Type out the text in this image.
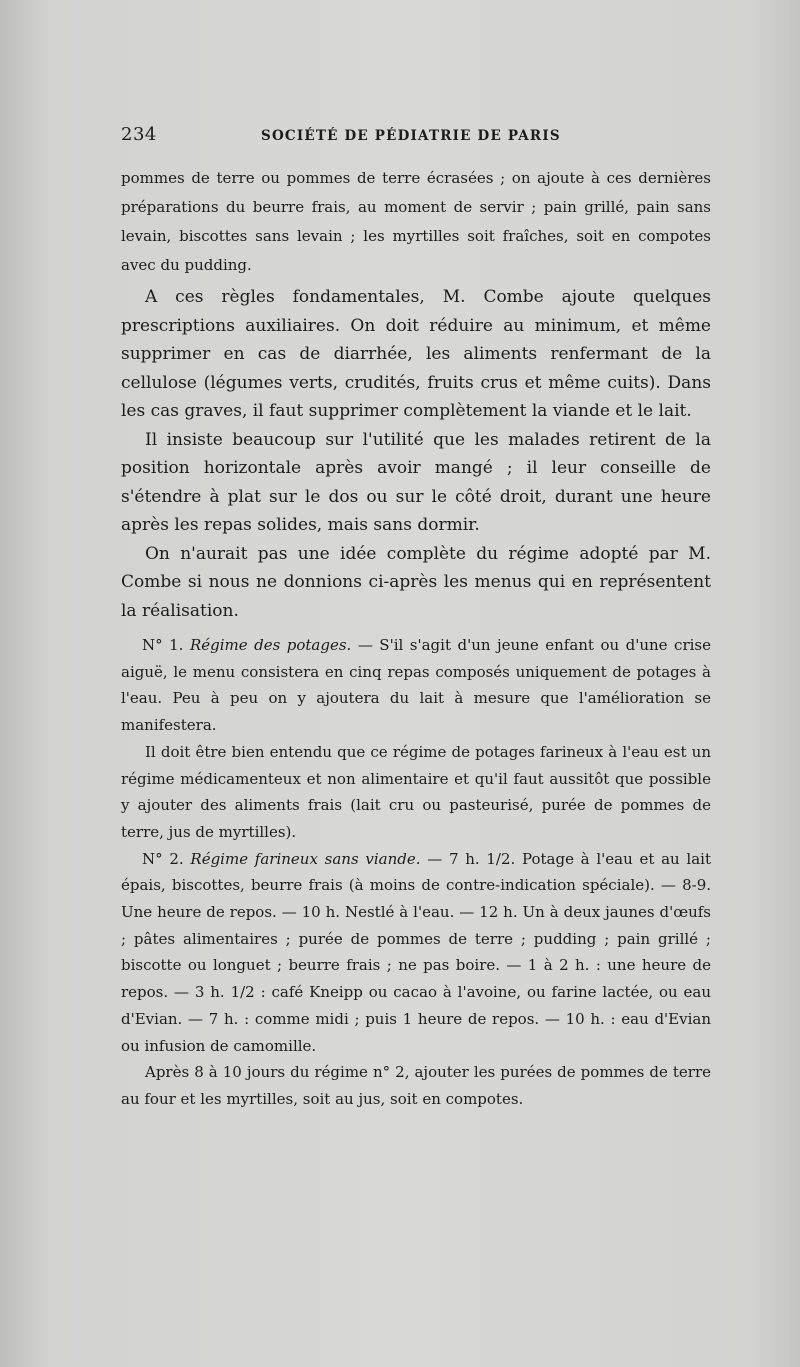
234	SOCIÉTÉ DE PÉDIATRIE DE PARIS
pommes de terre ou pommes de terre écrasées ; on ajoute à ces dernières préparations du beurre frais, au moment de servir ; pain grillé, pain sans levain, biscottes sans levain ; les myrtilles soit fraîches, soit en compotes avec du pudding.

A ces règles fondamentales, M. Combe ajoute quelques prescriptions auxiliaires. On doit réduire au minimum, et même supprimer en cas de diarrhée, les aliments renfermant de la cellulose (légumes verts, crudités, fruits crus et même cuits). Dans les cas graves, il faut supprimer complètement la viande et le lait.

Il insiste beaucoup sur l'utilité que les malades retirent de la position horizontale après avoir mangé ; il leur conseille de s'étendre à plat sur le dos ou sur le côté droit, durant une heure après les repas solides, mais sans dormir.

On n'aurait pas une idée complète du régime adopté par M. Combe si nous ne donnions ci-après les menus qui en représentent la réalisation.

N° 1. Régime des potages. — S'il s'agit d'un jeune enfant ou d'une crise aiguë, le menu consistera en cinq repas composés uniquement de potages à l'eau. Peu à peu on y ajoutera du lait à mesure que l'amélioration se manifestera.

Il doit être bien entendu que ce régime de potages farineux à l'eau est un régime médicamenteux et non alimentaire et qu'il faut aussitôt que possible y ajouter des aliments frais (lait cru ou pasteurisé, purée de pommes de terre, jus de myrtilles).

N° 2. Régime farineux sans viande. — 7 h. 1/2. Potage à l'eau et au lait épais, biscottes, beurre frais (à moins de contre-indication spéciale). — 8-9. Une heure de repos. — 10 h. Nestlé à l'eau. — 12 h. Un à deux jaunes d'œufs ; pâtes alimentaires ; purée de pommes de terre ; pudding ; pain grillé ; biscotte ou longuet ; beurre frais ; ne pas boire. — 1 à 2 h. : une heure de repos. — 3 h. 1/2 : café Kneipp ou cacao à l'avoine, ou farine lactée, ou eau d'Evian. — 7 h. : comme midi ; puis 1 heure de repos. — 10 h. : eau d'Evian ou infusion de camomille.

Après 8 à 10 jours du régime n° 2, ajouter les purées de pommes de terre au four et les myrtilles, soit au jus, soit en compotes.
